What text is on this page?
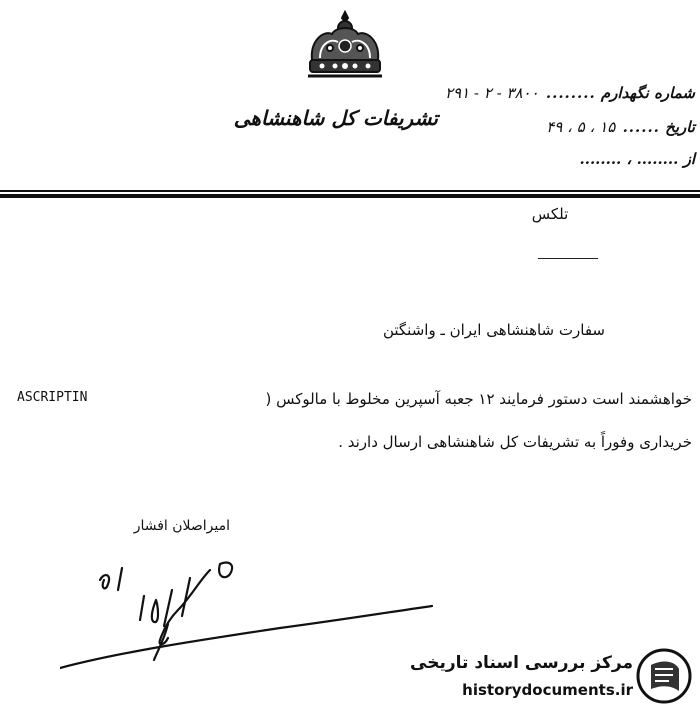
تشریفات کل شاهنشاهی
شماره نگهدارم ........ ۳۸۰۰ - ۲ - ۲۹۱
تاریخ ...... ۱۵ ، ۵ ، ۴۹
از ........ ، ........
تلکس
سفارت شاهنشاهی ایران ـ واشنگتن
خواهشمند است دستور فرمایند ۱۲ جعبه آسپرین مخلوط با مالوکس (
ASCRIPTIN
خریداری وفوراً به تشریفات کل شاهنشاهی ارسال دارند .
امیراصلان افشار
مرکز بررسی اسناد تاریخی
historydocuments.ir
